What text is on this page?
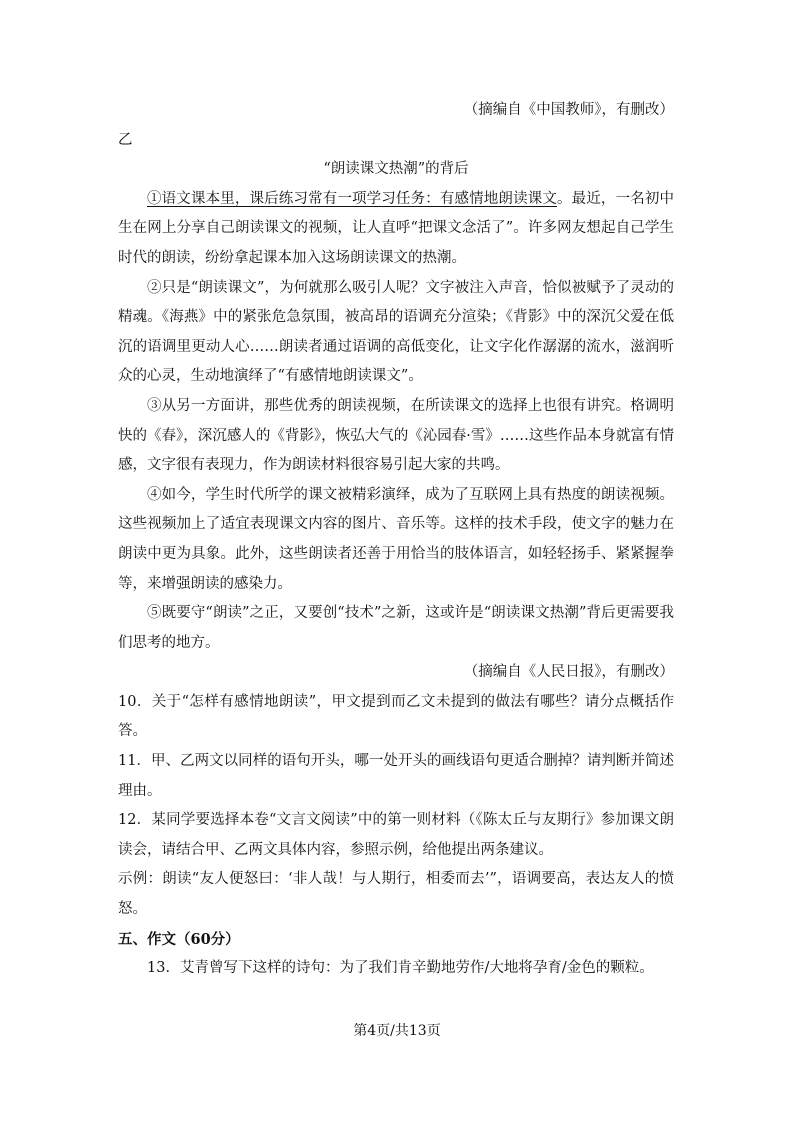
（摘编自《中国教师》，有删改）
乙
“朗读课文热潮”的背后
①语文课本里，课后练习常有一项学习任务：有感情地朗读课文。最近，一名初中生在网上分享自己朗读课文的视频，让人直呼“把课文念活了”。许多网友想起自己学生时代的朗读，纷纷拿起课本加入这场朗读课文的热潮。
②只是“朗读课文”，为何就那么吸引人呢？文字被注入声音，恰似被赋予了灵动的精魂。《海燕》中的紧张危急氛围，被高昂的语调充分渲染；《背影》中的深沉父爱在低沉的语调里更动人心……朗读者通过语调的高低变化，让文字化作潺潺的流水，滋润听众的心灵，生动地演绎了“有感情地朗读课文”。
③从另一方面讲，那些优秀的朗读视频，在所读课文的选择上也很有讲究。格调明快的《春》，深沉感人的《背影》，恢弘大气的《沁园春·雪》……这些作品本身就富有情感，文字很有表现力，作为朗读材料很容易引起大家的共鸣。
④如今，学生时代所学的课文被精彩演绎，成为了互联网上具有热度的朗读视频。这些视频加上了适宜表现课文内容的图片、音乐等。这样的技术手段，使文字的魅力在朗读中更为具象。此外，这些朗读者还善于用恰当的肢体语言，如轻轻扬手、紧紧握拳等，来增强朗读的感染力。
⑤既要守“朗读”之正，又要创“技术”之新，这或许是“朗读课文热潮”背后更需要我们思考的地方。
（摘编自《人民日报》，有删改）
10．关于“怎样有感情地朗读”，甲文提到而乙文未提到的做法有哪些？请分点概括作答。
11．甲、乙两文以同样的语句开头，哪一处开头的画线语句更适合删掉？请判断并简述理由。
12．某同学要选择本卷“文言文阅读”中的第一则材料（《陈太丘与友期行》参加课文朗读会，请结合甲、乙两文具体内容，参照示例，给他提出两条建议。
示例：朗读“友人便怒曰：‘非人哉！与人期行，相委而去’”，语调要高，表达友人的愤怒。
五、作文（60分）
13．艾青曾写下这样的诗句：为了我们肯辛勤地劳作/大地将孕育/金色的颗粒。
第4页/共13页
